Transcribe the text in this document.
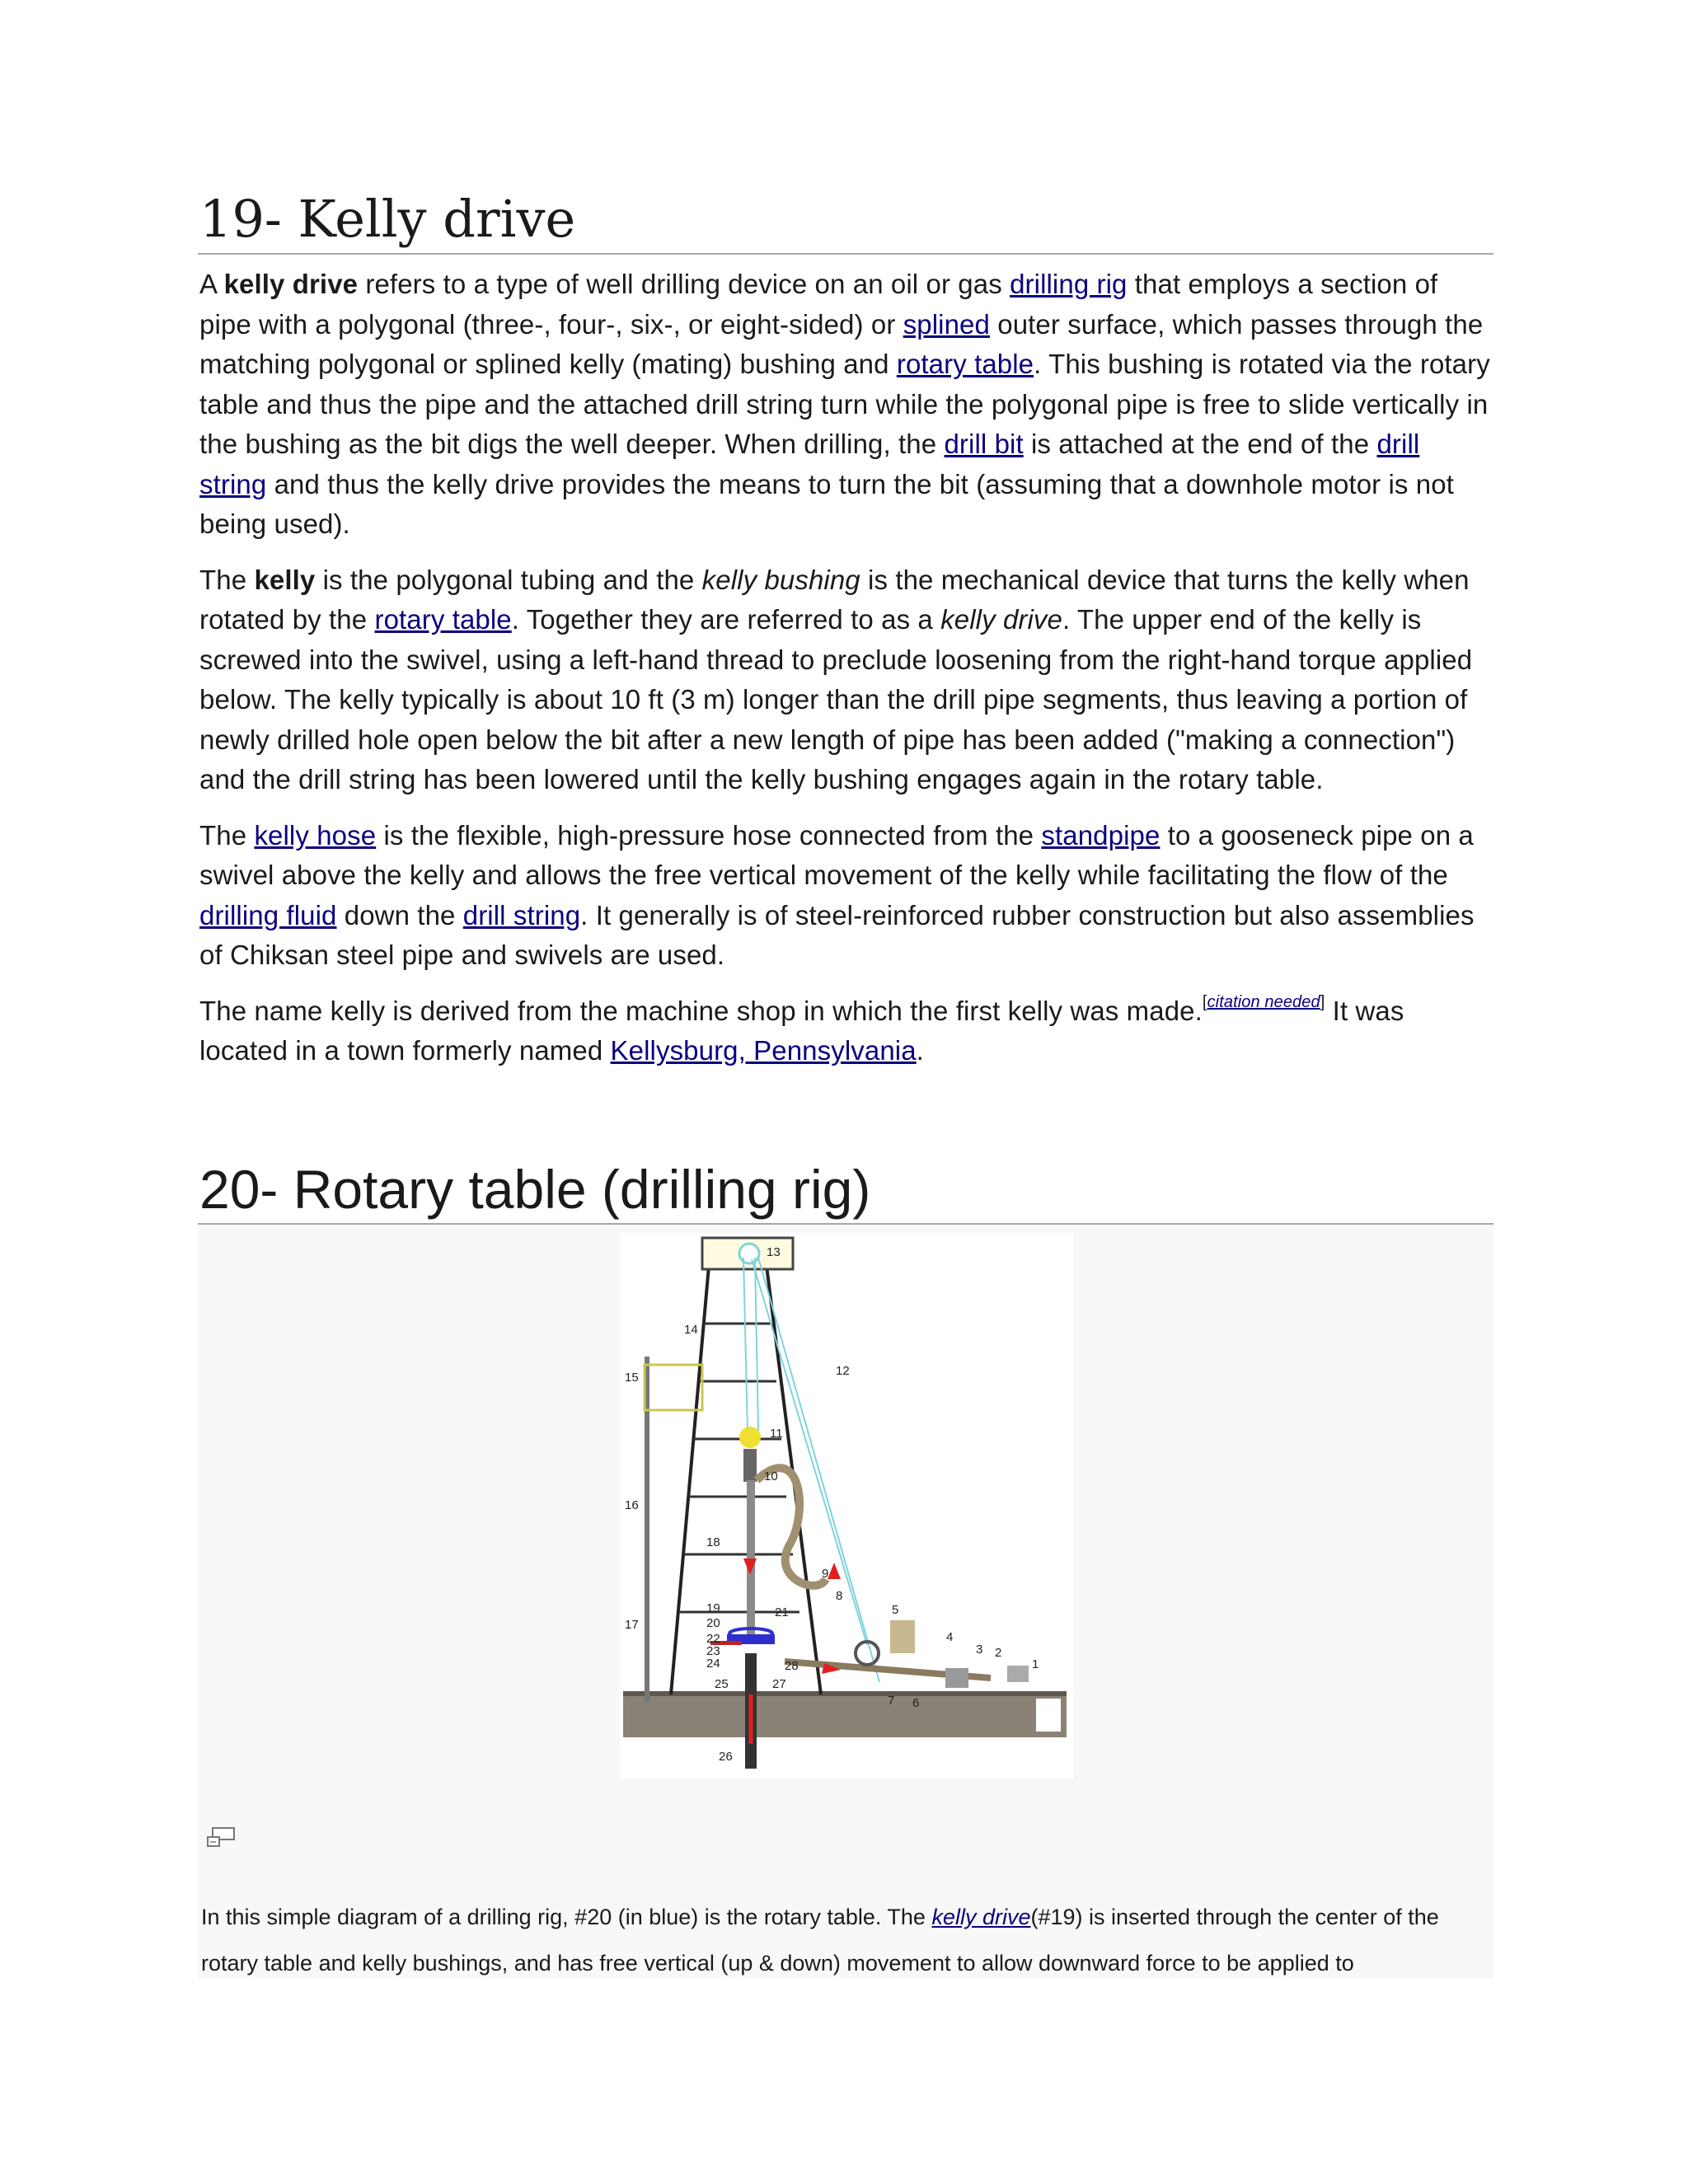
19- Kelly drive

A kelly drive refers to a type of well drilling device on an oil or gas drilling rig that employs a section of pipe with a polygonal (three-, four-, six-, or eight-sided) or splined outer surface, which passes through the matching polygonal or splined kelly (mating) bushing and rotary table. This bushing is rotated via the rotary table and thus the pipe and the attached drill string turn while the polygonal pipe is free to slide vertically in the bushing as the bit digs the well deeper. When drilling, the drill bit is attached at the end of the drill string and thus the kelly drive provides the means to turn the bit (assuming that a downhole motor is not being used).

The kelly is the polygonal tubing and the kelly bushing is the mechanical device that turns the kelly when rotated by the rotary table. Together they are referred to as a kelly drive. The upper end of the kelly is screwed into the swivel, using a left-hand thread to preclude loosening from the right-hand torque applied below. The kelly typically is about 10 ft (3 m) longer than the drill pipe segments, thus leaving a portion of newly drilled hole open below the bit after a new length of pipe has been added ("making a connection") and the drill string has been lowered until the kelly bushing engages again in the rotary table.

The kelly hose is the flexible, high-pressure hose connected from the standpipe to a gooseneck pipe on a swivel above the kelly and allows the free vertical movement of the kelly while facilitating the flow of the drilling fluid down the drill string. It generally is of steel-reinforced rubber construction but also assemblies of Chiksan steel pipe and swivels are used.

The name kelly is derived from the machine shop in which the first kelly was made.[citation needed] It was located in a town formerly named Kellysburg, Pennsylvania.

20- Rotary table (drilling rig)
1
2
3
4
5
6
7
8
9
10
11
12
13
14
15
16
17
18
19
20
21
22
23
24
25
26
27
28
In this simple diagram of a drilling rig, #20 (in blue) is the rotary table. The kelly drive(#19) is inserted through the center of the rotary table and kelly bushings, and has free vertical (up & down) movement to allow downward force to be applied to
